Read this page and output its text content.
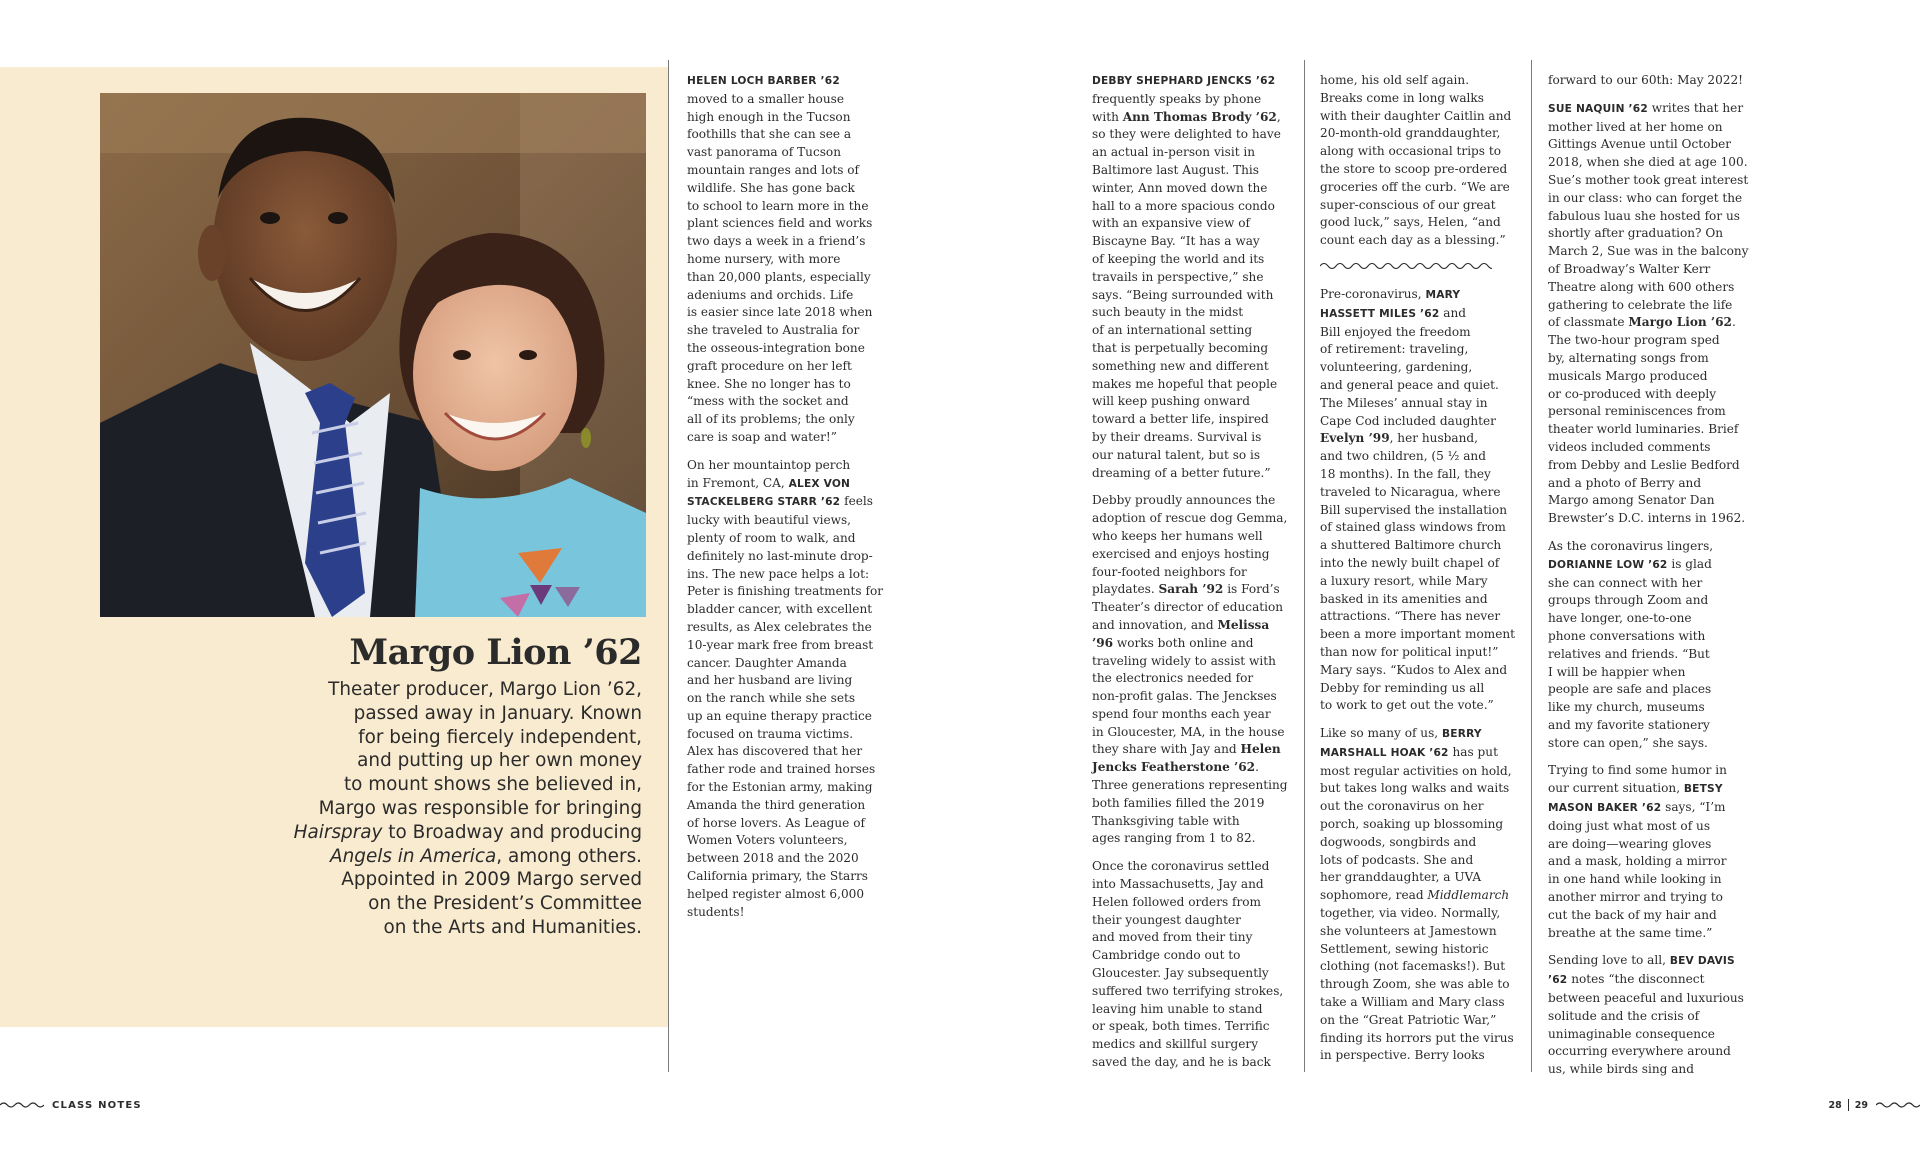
Margo Lion ’62
Theater producer, Margo Lion ’62,
passed away in January. Known
for being fiercely independent,
and putting up her own money
to mount shows she believed in,
Margo was responsible for bringing
Hairspray to Broadway and producing
Angels in America, among others.
Appointed in 2009 Margo served
on the President’s Committee
on the Arts and Humanities.

HELEN LOCH BARBER ’62
moved to a smaller house
high enough in the Tucson
foothills that she can see a
vast panorama of Tucson
mountain ranges and lots of
wildlife. She has gone back
to school to learn more in the
plant sciences field and works
two days a week in a friend’s
home nursery, with more
than 20,000 plants, especially
adeniums and orchids. Life
is easier since late 2018 when
she traveled to Australia for
the osseous-integration bone
graft procedure on her left
knee. She no longer has to
“mess with the socket and
all of its problems; the only
care is soap and water!”

On her mountaintop perch
in Fremont, CA, ALEX VON
STACKELBERG STARR ’62 feels
lucky with beautiful views,
plenty of room to walk, and
definitely no last-minute drop-
ins. The new pace helps a lot:
Peter is finishing treatments for
bladder cancer, with excellent
results, as Alex celebrates the
10-year mark free from breast
cancer. Daughter Amanda
and her husband are living
on the ranch while she sets
up an equine therapy practice
focused on trauma victims.
Alex has discovered that her
father rode and trained horses
for the Estonian army, making
Amanda the third generation
of horse lovers. As League of
Women Voters volunteers,
between 2018 and the 2020
California primary, the Starrs
helped register almost 6,000
students!

DEBBY SHEPHARD JENCKS ’62
frequently speaks by phone
with Ann Thomas Brody ’62,
so they were delighted to have
an actual in-person visit in
Baltimore last August. This
winter, Ann moved down the
hall to a more spacious condo
with an expansive view of
Biscayne Bay. “It has a way
of keeping the world and its
travails in perspective,” she
says. “Being surrounded with
such beauty in the midst
of an international setting
that is perpetually becoming
something new and different
makes me hopeful that people
will keep pushing onward
toward a better life, inspired
by their dreams. Survival is
our natural talent, but so is
dreaming of a better future.”

Debby proudly announces the
adoption of rescue dog Gemma,
who keeps her humans well
exercised and enjoys hosting
four-footed neighbors for
playdates. Sarah ’92 is Ford’s
Theater’s director of education
and innovation, and Melissa
’96 works both online and
traveling widely to assist with
the electronics needed for
non-profit galas. The Jenckses
spend four months each year
in Gloucester, MA, in the house
they share with Jay and Helen
Jencks Featherstone ’62.
Three generations representing
both families filled the 2019
Thanksgiving table with
ages ranging from 1 to 82.

Once the coronavirus settled
into Massachusetts, Jay and
Helen followed orders from
their youngest daughter
and moved from their tiny
Cambridge condo out to
Gloucester. Jay subsequently
suffered two terrifying strokes,
leaving him unable to stand
or speak, both times. Terrific
medics and skillful surgery
saved the day, and he is back

home, his old self again.
Breaks come in long walks
with their daughter Caitlin and
20-month-old granddaughter,
along with occasional trips to
the store to scoop pre-ordered
groceries off the curb. “We are
super-conscious of our great
good luck,” says, Helen, “and
count each day as a blessing.”

Pre-coronavirus, MARY
HASSETT MILES ’62 and
Bill enjoyed the freedom
of retirement: traveling,
volunteering, gardening,
and general peace and quiet.
The Mileses’ annual stay in
Cape Cod included daughter
Evelyn ’99, her husband,
and two children, (5 ½ and
18 months). In the fall, they
traveled to Nicaragua, where
Bill supervised the installation
of stained glass windows from
a shuttered Baltimore church
into the newly built chapel of
a luxury resort, while Mary
basked in its amenities and
attractions. “There has never
been a more important moment
than now for political input!”
Mary says. “Kudos to Alex and
Debby for reminding us all
to work to get out the vote.”

Like so many of us, BERRY
MARSHALL HOAK ’62 has put
most regular activities on hold,
but takes long walks and waits
out the coronavirus on her
porch, soaking up blossoming
dogwoods, songbirds and
lots of podcasts. She and
her granddaughter, a UVA
sophomore, read Middlemarch
together, via video. Normally,
she volunteers at Jamestown
Settlement, sewing historic
clothing (not facemasks!). But
through Zoom, she was able to
take a William and Mary class
on the “Great Patriotic War,”
finding its horrors put the virus
in perspective. Berry looks

forward to our 60th: May 2022!

SUE NAQUIN ’62 writes that her
mother lived at her home on
Gittings Avenue until October
2018, when she died at age 100.
Sue’s mother took great interest
in our class: who can forget the
fabulous luau she hosted for us
shortly after graduation? On
March 2, Sue was in the balcony
of Broadway’s Walter Kerr
Theatre along with 600 others
gathering to celebrate the life
of classmate Margo Lion ’62.
The two-hour program sped
by, alternating songs from
musicals Margo produced
or co-produced with deeply
personal reminiscences from
theater world luminaries. Brief
videos included comments
from Debby and Leslie Bedford
and a photo of Berry and
Margo among Senator Dan
Brewster’s D.C. interns in 1962.

As the coronavirus lingers,
DORIANNE LOW ’62 is glad
she can connect with her
groups through Zoom and
have longer, one-to-one
phone conversations with
relatives and friends. “But
I will be happier when
people are safe and places
like my church, museums
and my favorite stationery
store can open,” she says.

Trying to find some humor in
our current situation, BETSY
MASON BAKER ’62 says, “I’m
doing just what most of us
are doing—wearing gloves
and a mask, holding a mirror
in one hand while looking in
another mirror and trying to
cut the back of my hair and
breathe at the same time.”

Sending love to all, BEV DAVIS
’62 notes “the disconnect
between peaceful and luxurious
solitude and the crisis of
unimaginable consequence
occurring everywhere around
us, while birds sing and

CLASS NOTES	28 29
